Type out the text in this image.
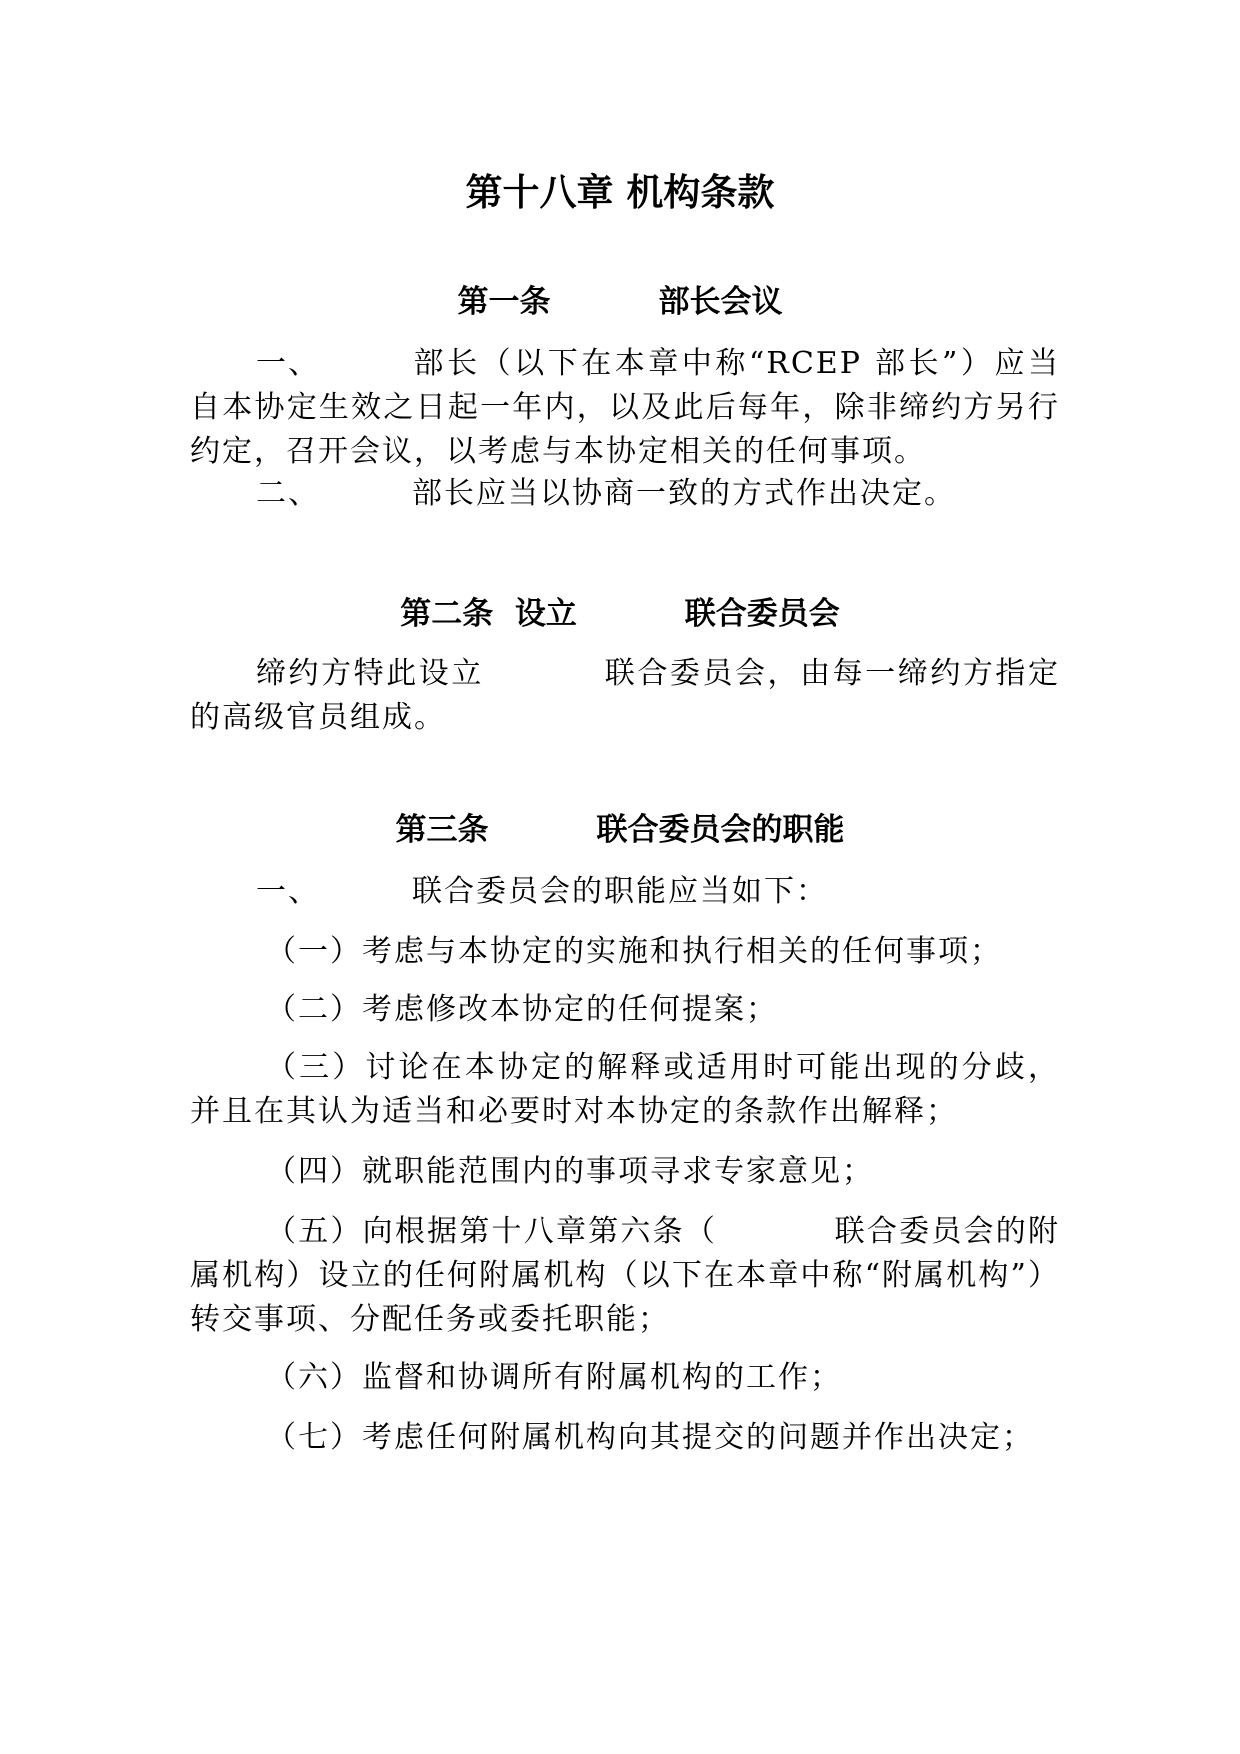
第十八章 机构条款
第一条          部长会议

一、	部长（以下在本章中称“RCEP 部长”）应当自本协定生效之日起一年内，以及此后每年，除非缔约方另行约定，召开会议，以考虑与本协定相关的任何事项。

二、	部长应当以协商一致的方式作出决定。

第二条  设立          联合委员会

缔约方特此设立          联合委员会，由每一缔约方指定的高级官员组成。

第三条          联合委员会的职能

一、	联合委员会的职能应当如下：

（一）考虑与本协定的实施和执行相关的任何事项；

（二）考虑修改本协定的任何提案；

（三）讨论在本协定的解释或适用时可能出现的分歧，并且在其认为适当和必要时对本协定的条款作出解释；

（四）就职能范围内的事项寻求专家意见；

（五）向根据第十八章第六条（          联合委员会的附属机构）设立的任何附属机构（以下在本章中称“附属机构”）转交事项、分配任务或委托职能；

（六）监督和协调所有附属机构的工作；

（七）考虑任何附属机构向其提交的问题并作出决定；
